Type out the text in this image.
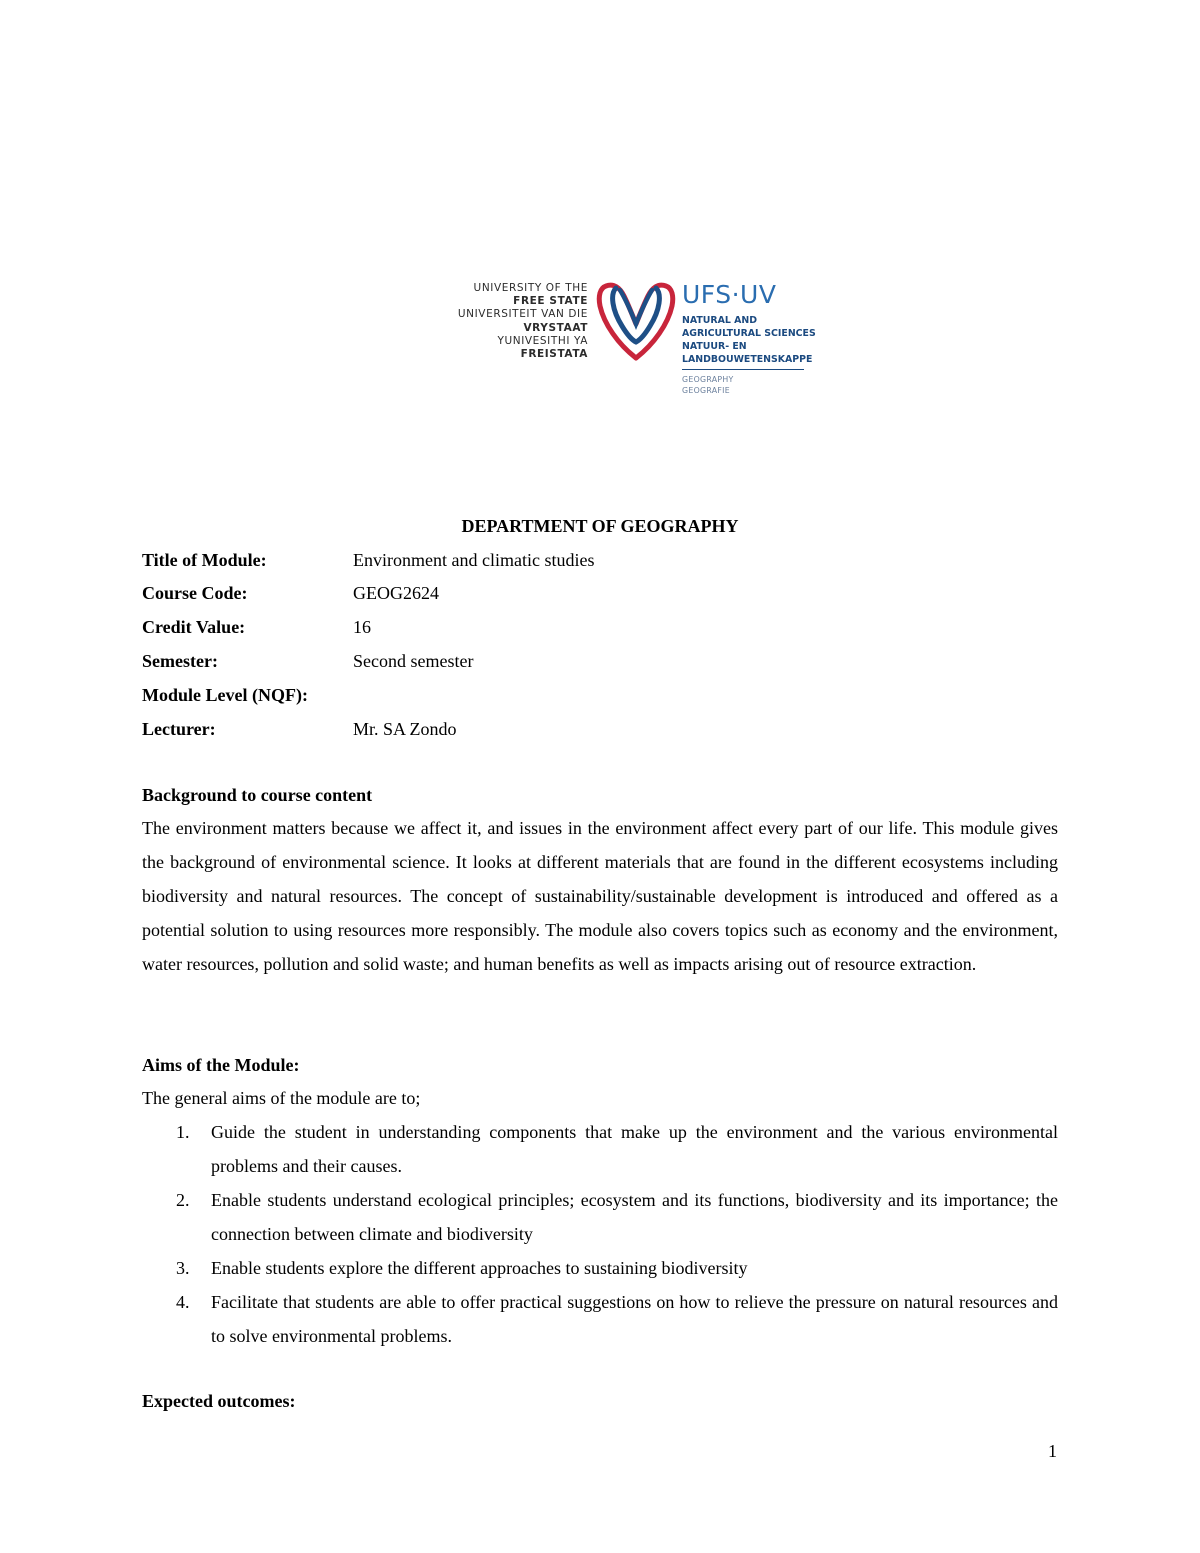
UNIVERSITY OF THE
FREE STATE
UNIVERSITEIT VAN DIE
VRYSTAAT
YUNIVESITHI YA
FREISTATA
UFS·UV
NATURAL AND
AGRICULTURAL SCIENCES
NATUUR- EN
LANDBOUWETENSKAPPE
GEOGRAPHY
GEOGRAFIE
DEPARTMENT OF GEOGRAPHY
Title of Module:	Environment and climatic studies
Course Code:	GEOG2624
Credit Value:	16
Semester:	Second semester
Module Level (NQF):
Lecturer:	Mr. SA Zondo
Background to course content
The environment matters because we affect it, and issues in the environment affect every part of our life. This module gives the background of environmental science. It looks at different materials that are found in the different ecosystems including biodiversity and natural resources. The concept of sustainability/sustainable development is introduced and offered as a potential solution to using resources more responsibly. The module also covers topics such as economy and the environment, water resources, pollution and solid waste; and human benefits as well as impacts arising out of resource extraction.
Aims of the Module:
The general aims of the module are to;
1. Guide the student in understanding components that make up the environment and the various environmental problems and their causes.
2. Enable students understand ecological principles; ecosystem and its functions, biodiversity and its importance; the connection between climate and biodiversity
3. Enable students explore the different approaches to sustaining biodiversity
4. Facilitate that students are able to offer practical suggestions on how to relieve the pressure on natural resources and to solve environmental problems.
Expected outcomes:
1
